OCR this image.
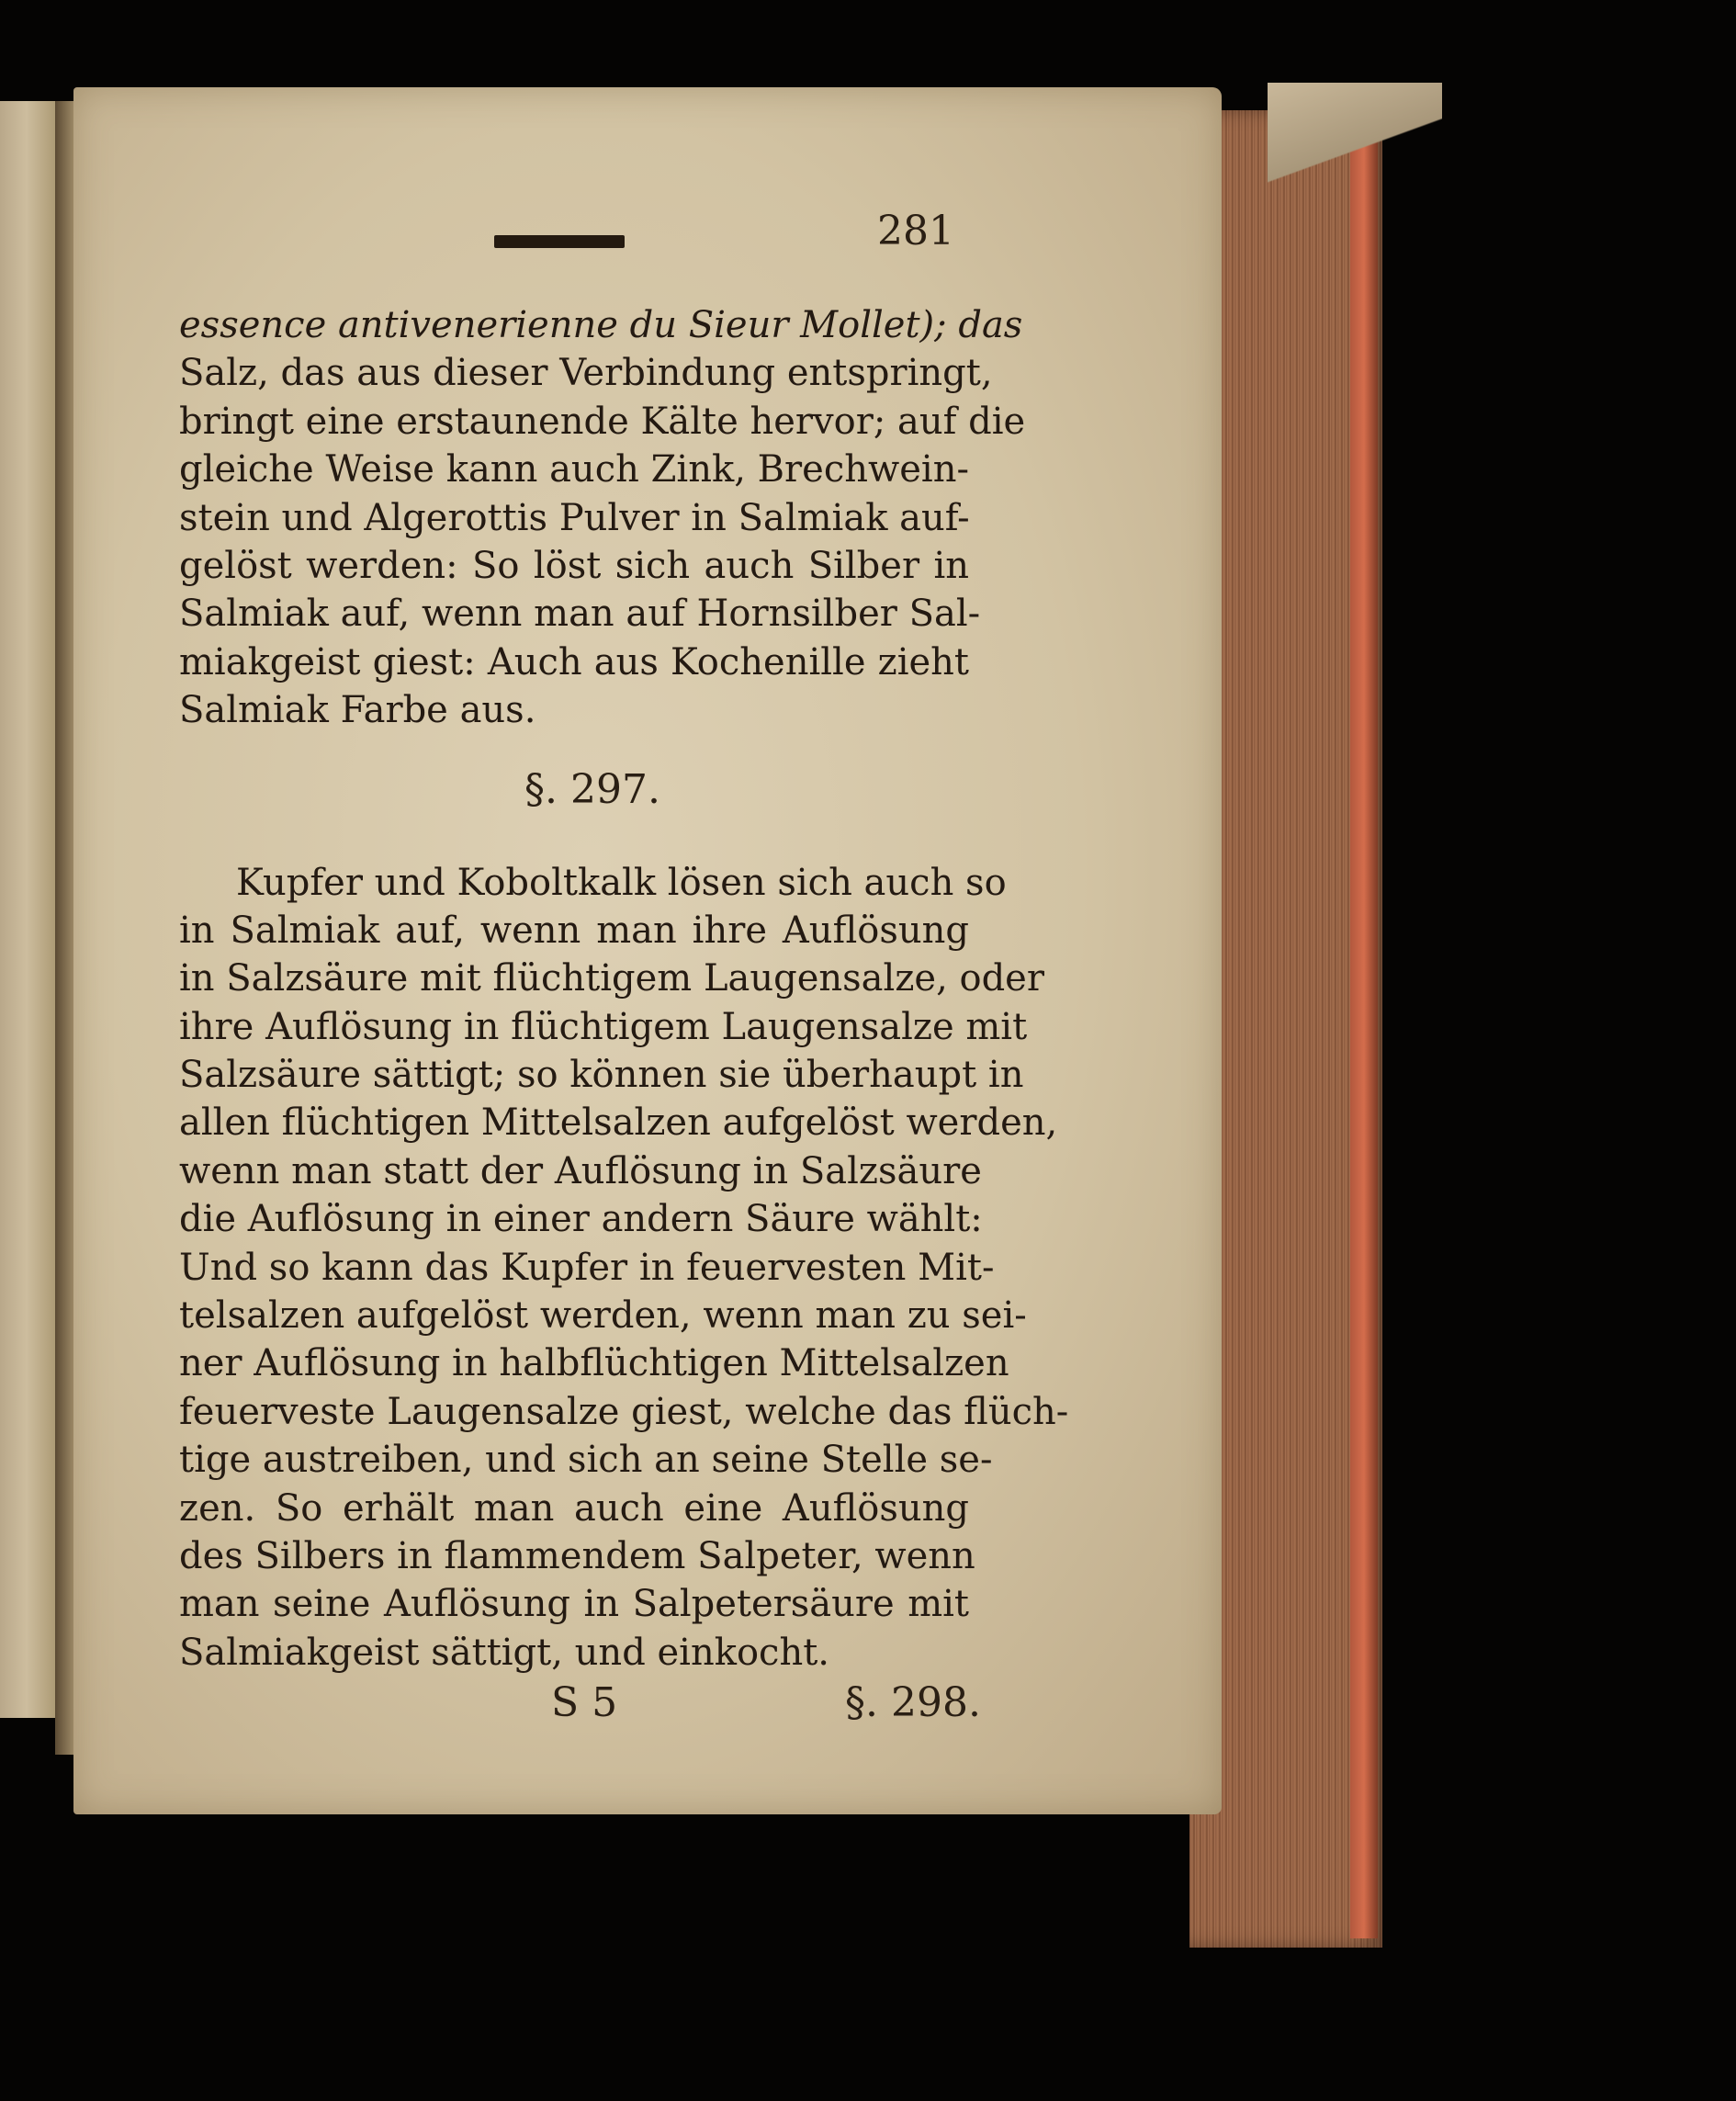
281
essence antivenerienne du Sieur Mollet); das
Salz, das aus dieser Verbindung entspringt,
bringt eine erstaunende Kälte hervor; auf die
gleiche Weise kann auch Zink, Brechwein-
stein und Algerottis Pulver in Salmiak auf-
gelöst werden: So löst sich auch Silber in
Salmiak auf, wenn man auf Hornsilber Sal-
miakgeist giest: Auch aus Kochenille zieht
Salmiak Farbe aus.
§. 297.
Kupfer und Koboltkalk lösen sich auch so
in Salmiak auf, wenn man ihre Auflösung
in Salzsäure mit flüchtigem Laugensalze, oder
ihre Auflösung in flüchtigem Laugensalze mit
Salzsäure sättigt; so können sie überhaupt in
allen flüchtigen Mittelsalzen aufgelöst werden,
wenn man statt der Auflösung in Salzsäure
die Auflösung in einer andern Säure wählt:
Und so kann das Kupfer in feuervesten Mit-
telsalzen aufgelöst werden, wenn man zu sei-
ner Auflösung in halbflüchtigen Mittelsalzen
feuerveste Laugensalze giest, welche das flüch-
tige austreiben, und sich an seine Stelle se-
zen. So erhält man auch eine Auflösung
des Silbers in flammendem Salpeter, wenn
man seine Auflösung in Salpetersäure mit
Salmiakgeist sättigt, und einkocht.
S 5	§. 298.
